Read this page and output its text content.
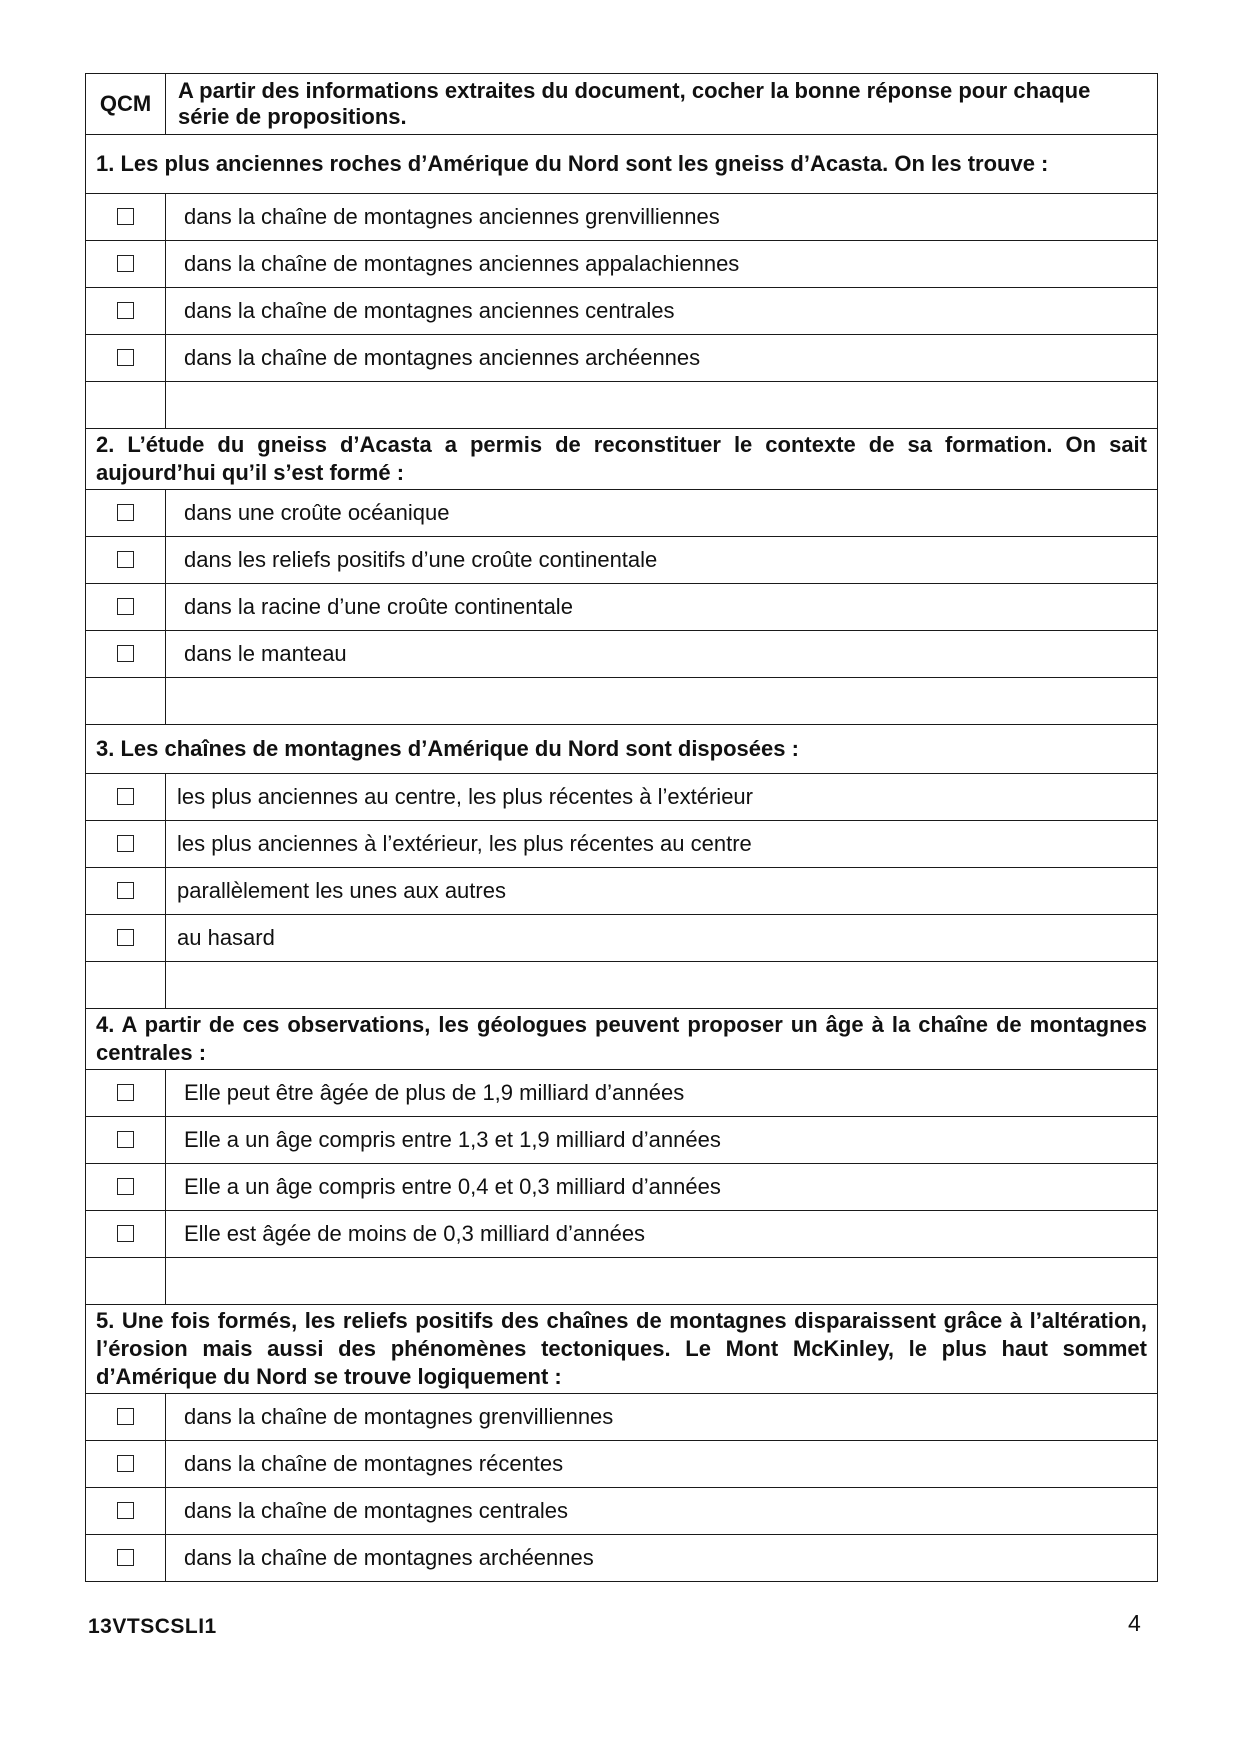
QCM	A partir des informations extraites du document, cocher la bonne réponse pour chaque série de propositions.
1. Les plus anciennes roches d’Amérique du Nord sont les gneiss d’Acasta. On les trouve :	
	dans la chaîne de montagnes anciennes grenvilliennes
	dans la chaîne de montagnes anciennes appalachiennes
	dans la chaîne de montagnes anciennes centrales
	dans la chaîne de montagnes anciennes archéennes

2. L’étude du gneiss d’Acasta a permis de reconstituer le contexte de sa formation. On sait aujourd’hui qu’il s’est formé :	
	dans une croûte océanique
	dans les reliefs positifs d’une croûte continentale
	dans la racine d’une croûte continentale
	dans le manteau

3. Les chaînes de montagnes d’Amérique du Nord sont disposées :	
	les plus anciennes au centre, les plus récentes à l’extérieur
	les plus anciennes à l’extérieur, les plus récentes au centre
	parallèlement les unes aux autres
	au hasard

4. A partir de ces observations, les géologues peuvent proposer un âge à la chaîne de montagnes centrales :	
	Elle peut être âgée de plus de 1,9 milliard d’années
	Elle a un âge compris entre 1,3 et 1,9 milliard d’années
	Elle a un âge compris entre 0,4 et 0,3 milliard d’années
	Elle est âgée de moins de 0,3 milliard d’années

5. Une fois formés, les reliefs positifs des chaînes de montagnes disparaissent grâce à l’altération, l’érosion mais aussi des phénomènes tectoniques. Le Mont McKinley, le plus haut sommet d’Amérique du Nord se trouve logiquement :	
	dans la chaîne de montagnes grenvilliennes
	dans la chaîne de montagnes récentes
	dans la chaîne de montagnes centrales
	dans la chaîne de montagnes archéennes
13VTSCSLI1	4
